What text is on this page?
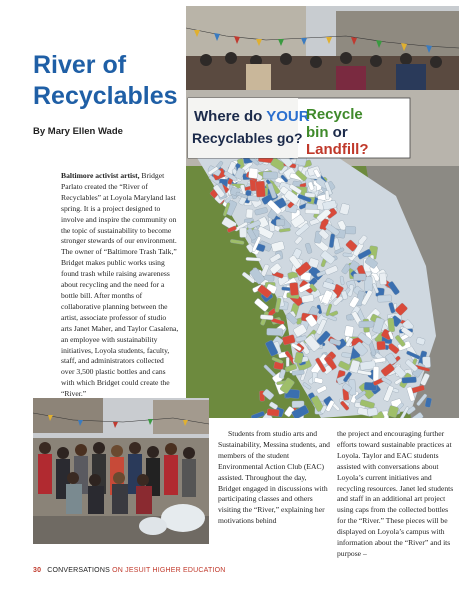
River of
Recyclables
By Mary Ellen Wade

Baltimore activist artist, Bridget Parlato created the “River of Recyclables” at Loyola Maryland last spring. It is a project designed to involve and inspire the community on the topic of sustainability to become stronger stewards of our environment. The owner of “Baltimore Trash Talk,” Bridget makes public works using found trash while raising awareness about recycling and the need for a bottle bill. After months of collaborative planning between the artist, associate professor of studio arts Janet Maher, and Taylor Casalena, an employee with sustainability initiatives, Loyola students, faculty, staff, and administrators collected over 3,500 plastic bottles and cans with which Bridget could create the “River.”

Where do YOUR
Recyclables go?
Recycle
bin or
Landfill?

Students from studio arts and Sustainability, Messina students, and members of the student Environmental Action Club (EAC) assisted. Throughout the day, Bridget engaged in discussions with participating classes and others visiting the “River,” explaining her motivations behind

the project and encouraging further efforts toward sustainable practices at Loyola. Taylor and EAC students assisted with conversations about Loyola’s current initiatives and recycling resources. Janet led students and staff in an additional art project using caps from the collected bottles for the “River.” These pieces will be displayed on Loyola’s campus with information about the “River” and its purpose –

30 CONVERSATIONS ON JESUIT HIGHER EDUCATION
